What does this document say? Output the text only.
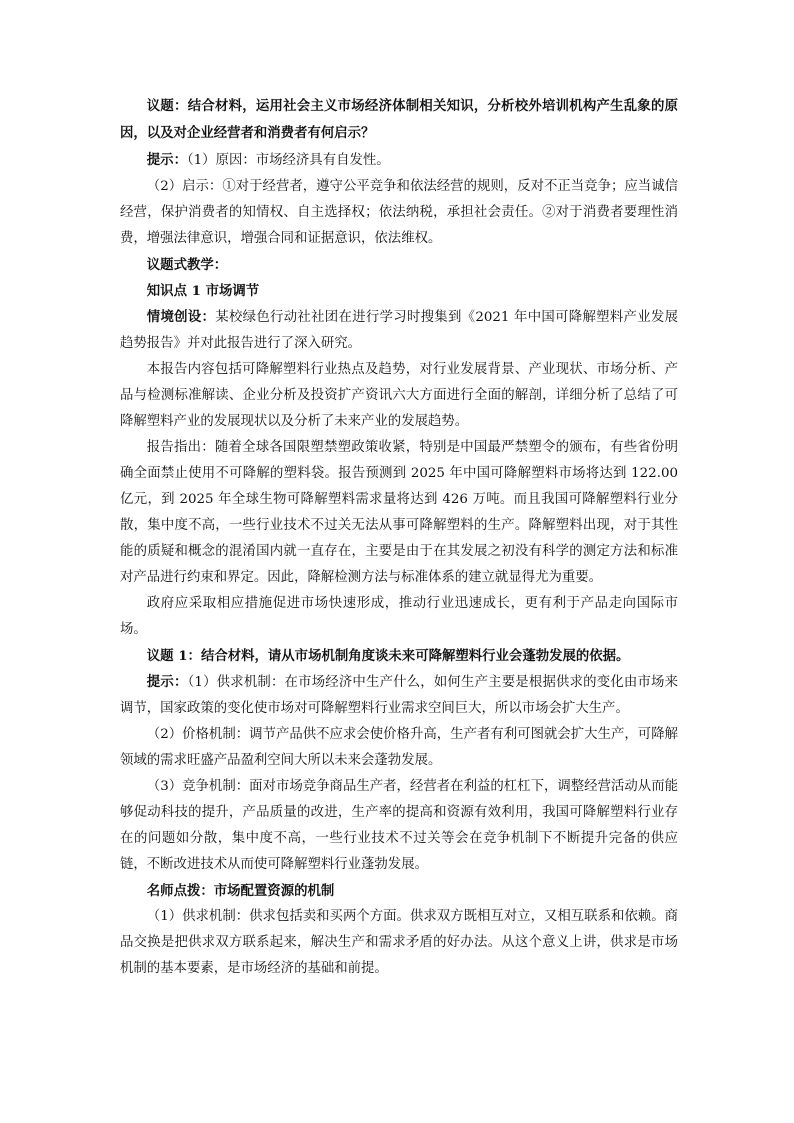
议题：结合材料，运用社会主义市场经济体制相关知识，分析校外培训机构产生乱象的原因，以及对企业经营者和消费者有何启示？

提示：（1）原因：市场经济具有自发性。

（2）启示：①对于经营者，遵守公平竞争和依法经营的规则，反对不正当竞争；应当诚信经营，保护消费者的知情权、自主选择权；依法纳税，承担社会责任。②对于消费者要理性消费，增强法律意识，增强合同和证据意识，依法维权。

议题式教学：

知识点 1 市场调节

情境创设：某校绿色行动社社团在进行学习时搜集到《2021 年中国可降解塑料产业发展趋势报告》并对此报告进行了深入研究。

本报告内容包括可降解塑料行业热点及趋势，对行业发展背景、产业现状、市场分析、产品与检测标准解读、企业分析及投资扩产资讯六大方面进行全面的解剖，详细分析了总结了可降解塑料产业的发展现状以及分析了未来产业的发展趋势。

报告指出：随着全球各国限塑禁塑政策收紧，特别是中国最严禁塑令的颁布，有些省份明确全面禁止使用不可降解的塑料袋。报告预测到 2025 年中国可降解塑料市场将达到 122.00 亿元，到 2025 年全球生物可降解塑料需求量将达到 426 万吨。而且我国可降解塑料行业分散，集中度不高，一些行业技术不过关无法从事可降解塑料的生产。降解塑料出现，对于其性能的质疑和概念的混淆国内就一直存在，主要是由于在其发展之初没有科学的测定方法和标准对产品进行约束和界定。因此，降解检测方法与标准体系的建立就显得尤为重要。

政府应采取相应措施促进市场快速形成，推动行业迅速成长，更有利于产品走向国际市场。

议题 1：结合材料，请从市场机制角度谈未来可降解塑料行业会蓬勃发展的依据。

提示：（1）供求机制：在市场经济中生产什么，如何生产主要是根据供求的变化由市场来调节，国家政策的变化使市场对可降解塑料行业需求空间巨大，所以市场会扩大生产。

（2）价格机制：调节产品供不应求会使价格升高，生产者有利可图就会扩大生产，可降解领域的需求旺盛产品盈利空间大所以未来会蓬勃发展。

（3）竞争机制：面对市场竞争商品生产者，经营者在利益的杠杠下，调整经营活动从而能够促动科技的提升，产品质量的改进，生产率的提高和资源有效利用，我国可降解塑料行业存在的问题如分散，集中度不高，一些行业技术不过关等会在竞争机制下不断提升完备的供应链，不断改进技术从而使可降解塑料行业蓬勃发展。

名师点拨：市场配置资源的机制

（1）供求机制：供求包括卖和买两个方面。供求双方既相互对立，又相互联系和依赖。商品交换是把供求双方联系起来，解决生产和需求矛盾的好办法。从这个意义上讲，供求是市场机制的基本要素，是市场经济的基础和前提。
